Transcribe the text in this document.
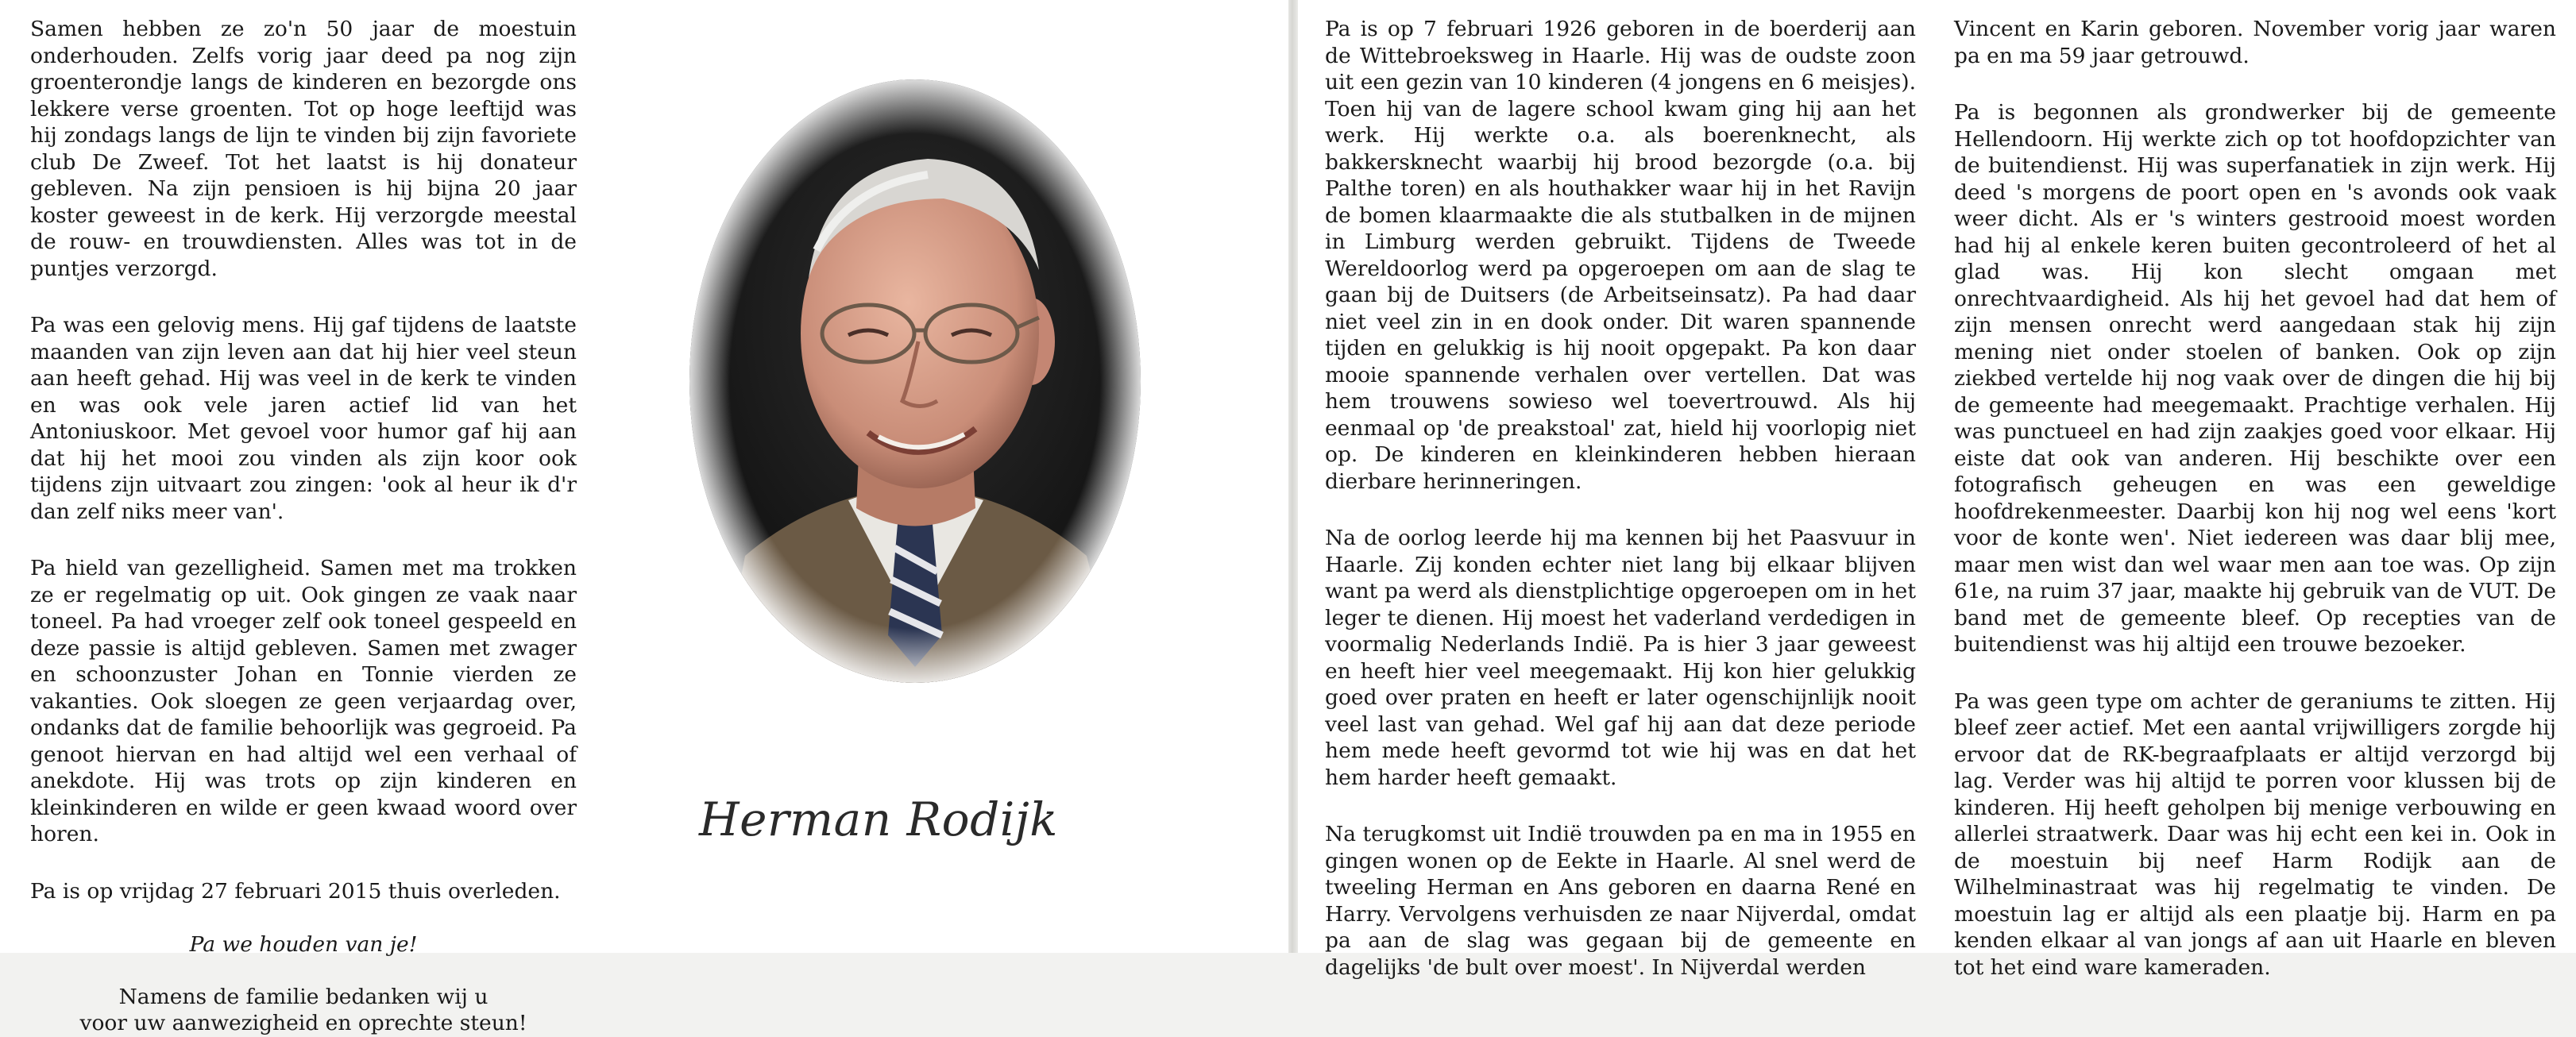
Samen hebben ze zo'n 50 jaar de moestuin onderhouden. Zelfs vorig jaar deed pa nog zijn groenterondje langs de kinderen en bezorgde ons lekkere verse groenten. Tot op hoge leeftijd was hij zondags langs de lijn te vinden bij zijn favoriete club De Zweef. Tot het laatst is hij donateur gebleven. Na zijn pensioen is hij bijna 20 jaar koster geweest in de kerk. Hij verzorgde meestal de rouw- en trouwdiensten. Alles was tot in de puntjes verzorgd.

Pa was een gelovig mens. Hij gaf tijdens de laatste maanden van zijn leven aan dat hij hier veel steun aan heeft gehad. Hij was veel in de kerk te vinden en was ook vele jaren actief lid van het Antoniuskoor. Met gevoel voor humor gaf hij aan dat hij het mooi zou vinden als zijn koor ook tijdens zijn uitvaart zou zingen: 'ook al heur ik d'r dan zelf niks meer van'.

Pa hield van gezelligheid. Samen met ma trokken ze er regelmatig op uit. Ook gingen ze vaak naar toneel. Pa had vroeger zelf ook toneel gespeeld en deze passie is altijd gebleven. Samen met zwager en schoonzuster Johan en Tonnie vierden ze vakanties. Ook sloegen ze geen verjaardag over, ondanks dat de familie behoorlijk was gegroeid. Pa genoot hiervan en had altijd wel een verhaal of anekdote. Hij was trots op zijn kinderen en kleinkinderen en wilde er geen kwaad woord over horen.

Pa is op vrijdag 27 februari 2015 thuis overleden.

Pa we houden van je!
Namens de familie bedanken wij u
voor uw aanwezigheid en oprechte steun!
Herman Rodijk

Pa is op 7 februari 1926 geboren in de boerderij aan de Wittebroeksweg in Haarle. Hij was de oudste zoon uit een gezin van 10 kinderen (4 jongens en 6 meisjes). Toen hij van de lagere school kwam ging hij aan het werk. Hij werkte o.a. als boerenknecht, als bakkersknecht waarbij hij brood bezorgde (o.a. bij Palthe toren) en als houthakker waar hij in het Ravijn de bomen klaarmaakte die als stutbalken in de mijnen in Limburg werden gebruikt. Tijdens de Tweede Wereldoorlog werd pa opgeroepen om aan de slag te gaan bij de Duitsers (de Arbeitseinsatz). Pa had daar niet veel zin in en dook onder. Dit waren spannende tijden en gelukkig is hij nooit opgepakt. Pa kon daar mooie spannende verhalen over vertellen. Dat was hem trouwens sowieso wel toevertrouwd. Als hij eenmaal op 'de preakstoal' zat, hield hij voorlopig niet op. De kinderen en kleinkinderen hebben hieraan dierbare herinneringen.

Na de oorlog leerde hij ma kennen bij het Paasvuur in Haarle. Zij konden echter niet lang bij elkaar blijven want pa werd als dienstplichtige opgeroepen om in het leger te dienen. Hij moest het vaderland verdedigen in voormalig Nederlands Indië. Pa is hier 3 jaar geweest en heeft hier veel meegemaakt. Hij kon hier gelukkig goed over praten en heeft er later ogenschijnlijk nooit veel last van gehad. Wel gaf hij aan dat deze periode hem mede heeft gevormd tot wie hij was en dat het hem harder heeft gemaakt.

Na terugkomst uit Indië trouwden pa en ma in 1955 en gingen wonen op de Eekte in Haarle. Al snel werd de tweeling Herman en Ans geboren en daarna René en Harry. Vervolgens verhuisden ze naar Nijverdal, omdat pa aan de slag was gegaan bij de gemeente en dagelijks 'de bult over moest'. In Nijverdal werden

Vincent en Karin geboren. November vorig jaar waren pa en ma 59 jaar getrouwd.

Pa is begonnen als grondwerker bij de gemeente Hellendoorn. Hij werkte zich op tot hoofdopzichter van de buitendienst. Hij was superfanatiek in zijn werk. Hij deed 's morgens de poort open en 's avonds ook vaak weer dicht. Als er 's winters gestrooid moest worden had hij al enkele keren buiten gecontroleerd of het al glad was. Hij kon slecht omgaan met onrechtvaardigheid. Als hij het gevoel had dat hem of zijn mensen onrecht werd aangedaan stak hij zijn mening niet onder stoelen of banken. Ook op zijn ziekbed vertelde hij nog vaak over de dingen die hij bij de gemeente had meegemaakt. Prachtige verhalen. Hij was punctueel en had zijn zaakjes goed voor elkaar. Hij eiste dat ook van anderen. Hij beschikte over een fotografisch geheugen en was een geweldige hoofdrekenmeester. Daarbij kon hij nog wel eens 'kort voor de konte wen'. Niet iedereen was daar blij mee, maar men wist dan wel waar men aan toe was. Op zijn 61e, na ruim 37 jaar, maakte hij gebruik van de VUT. De band met de gemeente bleef. Op recepties van de buitendienst was hij altijd een trouwe bezoeker.

Pa was geen type om achter de geraniums te zitten. Hij bleef zeer actief. Met een aantal vrijwilligers zorgde hij ervoor dat de RK-begraafplaats er altijd verzorgd bij lag. Verder was hij altijd te porren voor klussen bij de kinderen. Hij heeft geholpen bij menige verbouwing en allerlei straatwerk. Daar was hij echt een kei in. Ook in de moestuin bij neef Harm Rodijk aan de Wilhelminastraat was hij regelmatig te vinden. De moestuin lag er altijd als een plaatje bij. Harm en pa kenden elkaar al van jongs af aan uit Haarle en bleven tot het eind ware kameraden.
